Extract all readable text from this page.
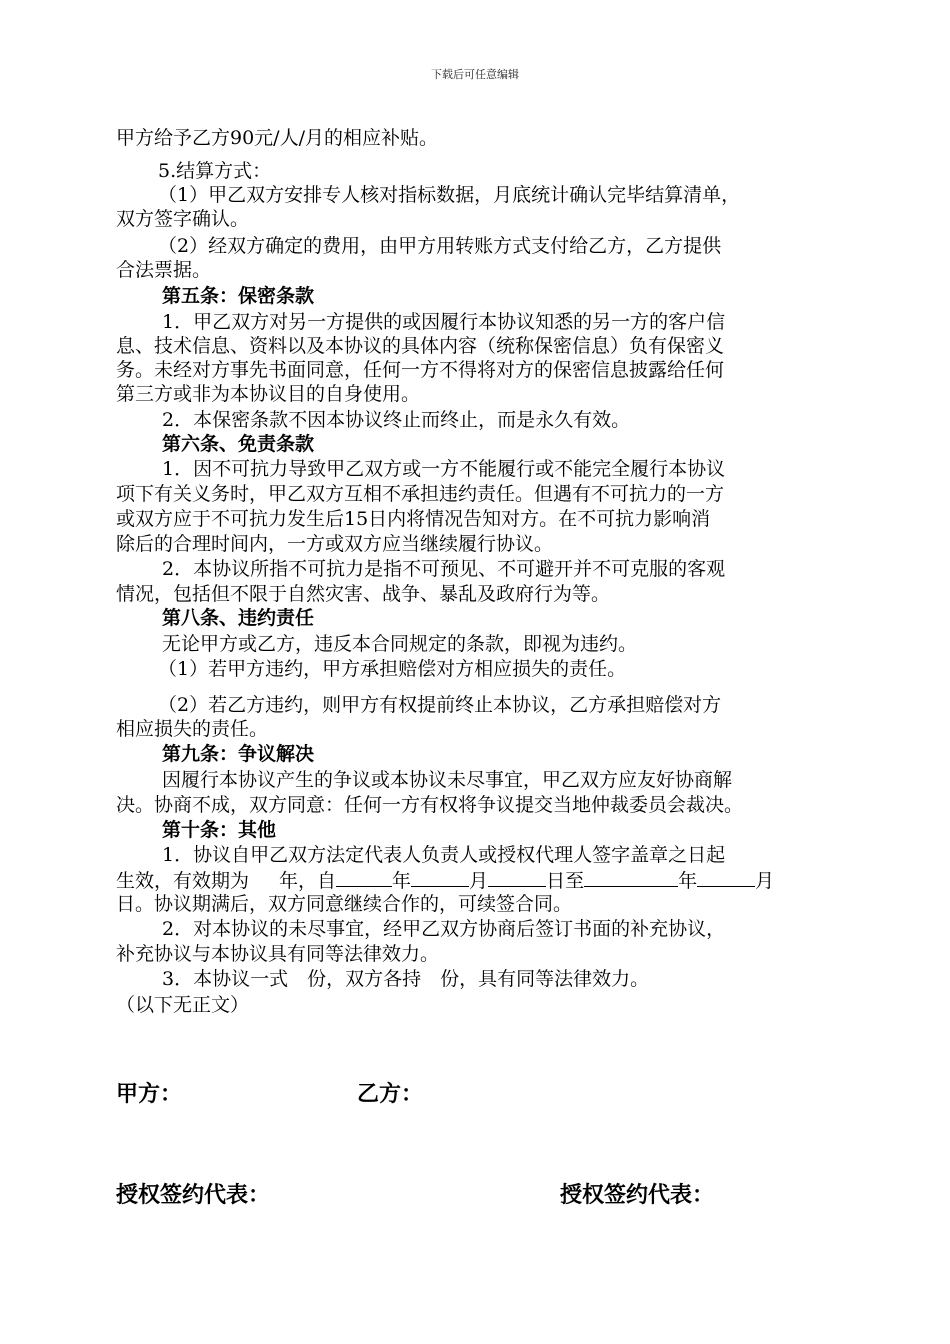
下载后可任意编辑
甲方给予乙方90元/人/月的相应补贴。
5.结算方式：
（1）甲乙双方安排专人核对指标数据，月底统计确认完毕结算清单，
双方签字确认。
（2）经双方确定的费用，由甲方用转账方式支付给乙方，乙方提供
合法票据。
第五条：保密条款
1．甲乙双方对另一方提供的或因履行本协议知悉的另一方的客户信
息、技术信息、资料以及本协议的具体内容（统称保密信息）负有保密义
务。未经对方事先书面同意，任何一方不得将对方的保密信息披露给任何
第三方或非为本协议目的自身使用。
2．本保密条款不因本协议终止而终止，而是永久有效。
第六条、免责条款
1．因不可抗力导致甲乙双方或一方不能履行或不能完全履行本协议
项下有关义务时，甲乙双方互相不承担违约责任。但遇有不可抗力的一方
或双方应于不可抗力发生后15日内将情况告知对方。在不可抗力影响消
除后的合理时间内，一方或双方应当继续履行协议。
2．本协议所指不可抗力是指不可预见、不可避开并不可克服的客观
情况，包括但不限于自然灾害、战争、暴乱及政府行为等。
第八条、违约责任
无论甲方或乙方，违反本合同规定的条款，即视为违约。
（1）若甲方违约，甲方承担赔偿对方相应损失的责任。
（2）若乙方违约，则甲方有权提前终止本协议，乙方承担赔偿对方
相应损失的责任。
第九条：争议解决
因履行本协议产生的争议或本协议未尽事宜，甲乙双方应友好协商解
决。协商不成，双方同意：任何一方有权将争议提交当地仲裁委员会裁决。
第十条：其他
1．协议自甲乙双方法定代表人负责人或授权代理人签字盖章之日起
生效，有效期为 年，自	年	月	日至	年	月
日。协议期满后，双方同意继续合作的，可续签合同。
2．对本协议的未尽事宜，经甲乙双方协商后签订书面的补充协议，
补充协议与本协议具有同等法律效力。
3．本协议一式　份，双方各持　份，具有同等法律效力。
（以下无正文）
甲方：	乙方：
授权签约代表：	授权签约代表：
